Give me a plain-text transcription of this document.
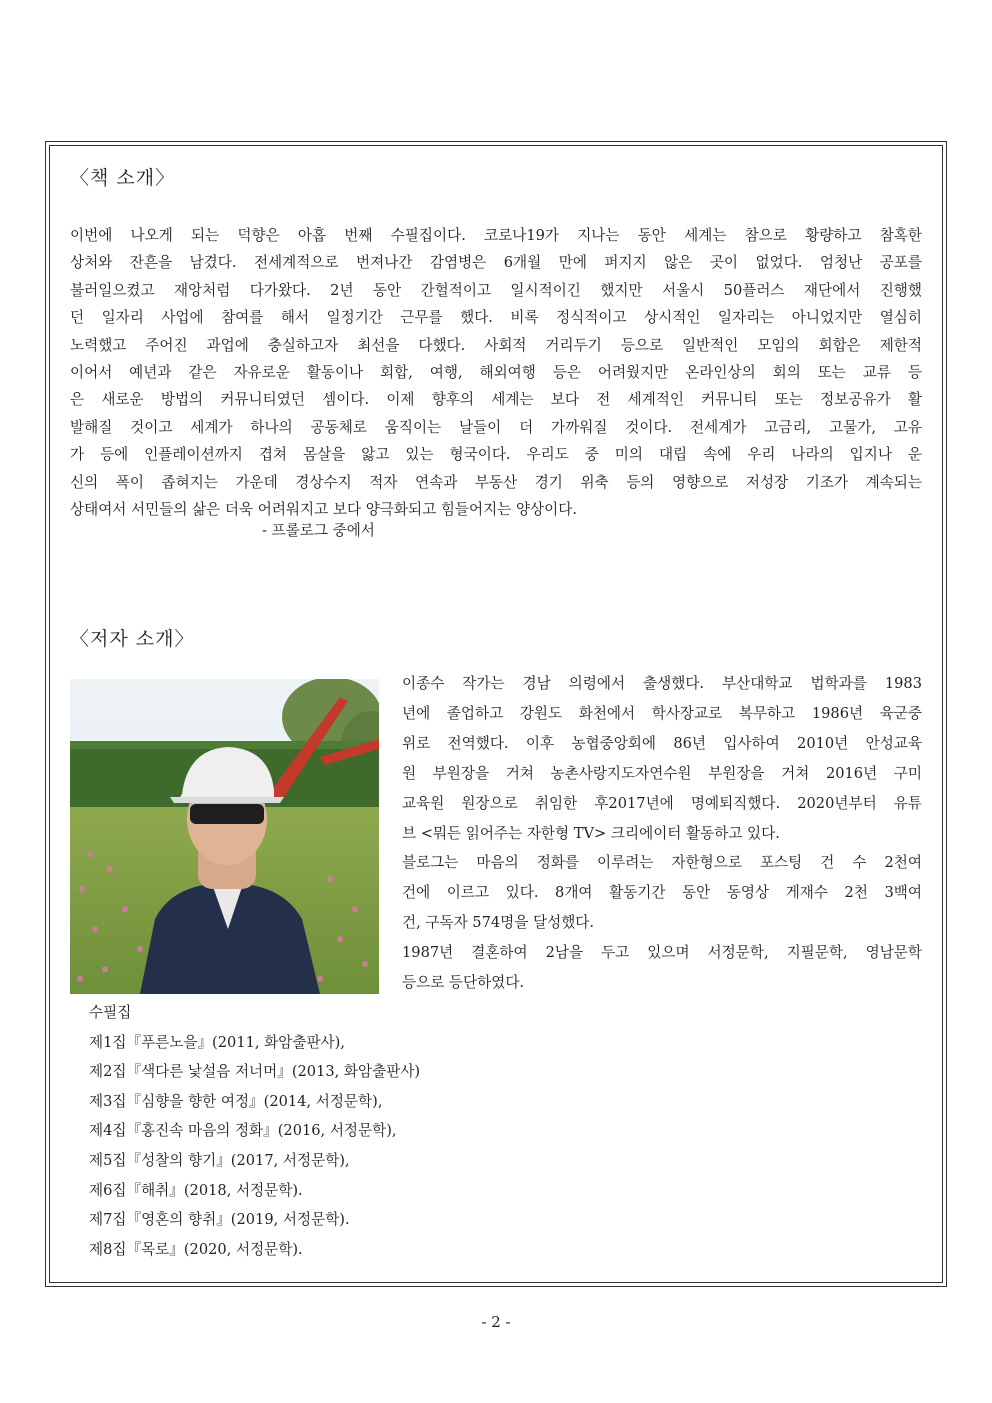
〈책 소개〉
이번에 나오게 되는 덕향은 아홉 번째 수필집이다. 코로나19가 지나는 동안 세계는 참으로 황량하고 참혹한
상처와 잔흔을 남겼다. 전세계적으로 번져나간 감염병은 6개월 만에 퍼지지 않은 곳이 없었다. 엄청난 공포를
불러일으켰고 재앙처럼 다가왔다. 2년 동안 간헐적이고 일시적이긴 했지만 서울시 50플러스 재단에서 진행했
던 일자리 사업에 참여를 해서 일정기간 근무를 했다. 비록 정식적이고 상시적인 일자리는 아니었지만 열심히
노력했고 주어진 과업에 충실하고자 최선을 다했다. 사회적 거리두기 등으로 일반적인 모임의 회합은 제한적
이어서 예년과 같은 자유로운 활동이나 회합, 여행, 해외여행 등은 어려웠지만 온라인상의 회의 또는 교류 등
은 새로운 방법의 커뮤니티였던 셈이다. 이제 향후의 세계는 보다 전 세계적인 커뮤니티 또는 정보공유가 활
발해질 것이고 세계가 하나의 공동체로 움직이는 날들이 더 가까워질 것이다. 전세계가 고금리, 고물가, 고유
가 등에 인플레이션까지 겹쳐 몸살을 앓고 있는 형국이다. 우리도 중 미의 대립 속에 우리 나라의 입지나 운
신의 폭이 좁혀지는 가운데 경상수지 적자 연속과 부동산 경기 위축 등의 영향으로 저성장 기조가 계속되는
상태여서 서민들의 삶은 더욱 어려워지고 보다 양극화되고 힘들어지는 양상이다.
- 프롤로그 중에서
〈저자 소개〉
이종수 작가는 경남 의령에서 출생했다. 부산대학교 법학과를 1983
년에 졸업하고 강원도 화천에서 학사장교로 복무하고 1986년 육군중
위로 전역했다. 이후 농협중앙회에 86년 입사하여 2010년 안성교육
원 부원장을 거쳐 농촌사랑지도자연수원 부원장을 거쳐 2016년 구미
교육원 원장으로 취임한 후2017년에 명예퇴직했다. 2020년부터 유튜
브 <뭐든 읽어주는 자한형 TV> 크리에이터 활동하고 있다.
블로그는 마음의 정화를 이루려는 자한형으로 포스팅 건 수 2천여
건에 이르고 있다. 8개여 활동기간 동안 동영상 게재수 2천 3백여
건, 구독자 574명을 달성했다.
1987년 결혼하여 2남을 두고 있으며 서정문학, 지필문학, 영남문학
등으로 등단하였다.
수필집
제1집『푸른노을』(2011, 화암출판사),
제2집『색다른 낯설음 저너머』(2013, 화암출판사)
제3집『심향을 향한 여정』(2014, 서정문학),
제4집『홍진속 마음의 정화』(2016, 서정문학),
제5집『성찰의 향기』(2017, 서정문학),
제6집『해취』(2018, 서정문학).
제7집『영혼의 향취』(2019, 서정문학).
제8집『목로』(2020, 서정문학).
- 2 -
